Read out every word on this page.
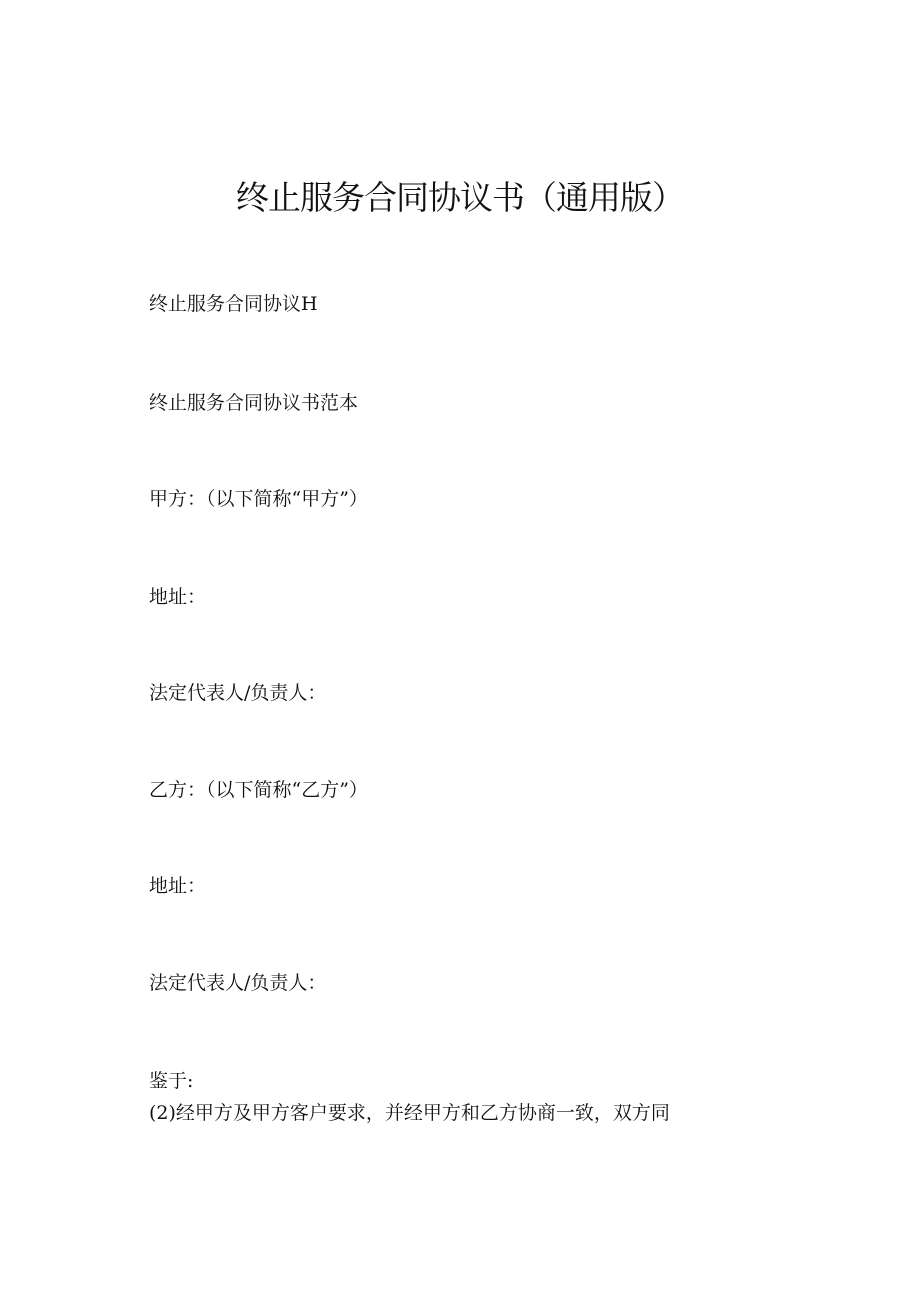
终止服务合同协议书（通用版）
终止服务合同协议H
终止服务合同协议书范本
甲方：（以下简称“甲方”）
地址：
法定代表人/负责人：
乙方：（以下简称“乙方”）
地址：
法定代表人/负责人：
鉴于:
(2)经甲方及甲方客户要求，并经甲方和乙方协商一致，双方同
